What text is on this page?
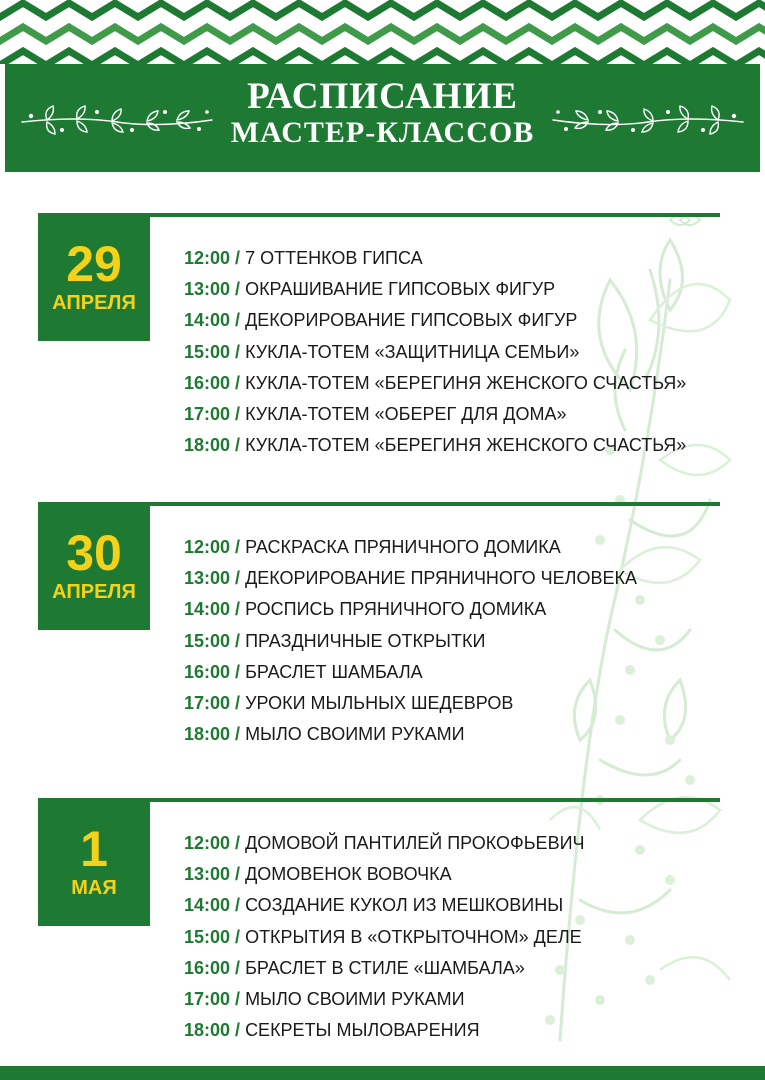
РАСПИСАНИЕ
МАСТЕР-КЛАССОВ
29
АПРЕЛЯ
12:00 / 7 ОТТЕНКОВ ГИПСА
13:00 / ОКРАШИВАНИЕ ГИПСОВЫХ ФИГУР
14:00 / ДЕКОРИРОВАНИЕ ГИПСОВЫХ ФИГУР
15:00 / КУКЛА-ТОТЕМ «ЗАЩИТНИЦА СЕМЬИ»
16:00 / КУКЛА-ТОТЕМ «БЕРЕГИНЯ ЖЕНСКОГО СЧАСТЬЯ»
17:00 / КУКЛА-ТОТЕМ «ОБЕРЕГ ДЛЯ ДОМА»
18:00 / КУКЛА-ТОТЕМ «БЕРЕГИНЯ ЖЕНСКОГО СЧАСТЬЯ»
30
АПРЕЛЯ
12:00 / РАСКРАСКА ПРЯНИЧНОГО ДОМИКА
13:00 / ДЕКОРИРОВАНИЕ ПРЯНИЧНОГО ЧЕЛОВЕКА
14:00 / РОСПИСЬ ПРЯНИЧНОГО ДОМИКА
15:00 / ПРАЗДНИЧНЫЕ ОТКРЫТКИ
16:00 / БРАСЛЕТ ШАМБАЛА
17:00 / УРОКИ МЫЛЬНЫХ ШЕДЕВРОВ
18:00 / МЫЛО СВОИМИ РУКАМИ
1
МАЯ
12:00 / ДОМОВОЙ ПАНТИЛЕЙ ПРОКОФЬЕВИЧ
13:00 / ДОМОВЕНОК ВОВОЧКА
14:00 / СОЗДАНИЕ КУКОЛ ИЗ МЕШКОВИНЫ
15:00 / ОТКРЫТИЯ В «ОТКРЫТОЧНОМ» ДЕЛЕ
16:00 / БРАСЛЕТ В СТИЛЕ «ШАМБАЛА»
17:00 / МЫЛО СВОИМИ РУКАМИ
18:00 / СЕКРЕТЫ МЫЛОВАРЕНИЯ
